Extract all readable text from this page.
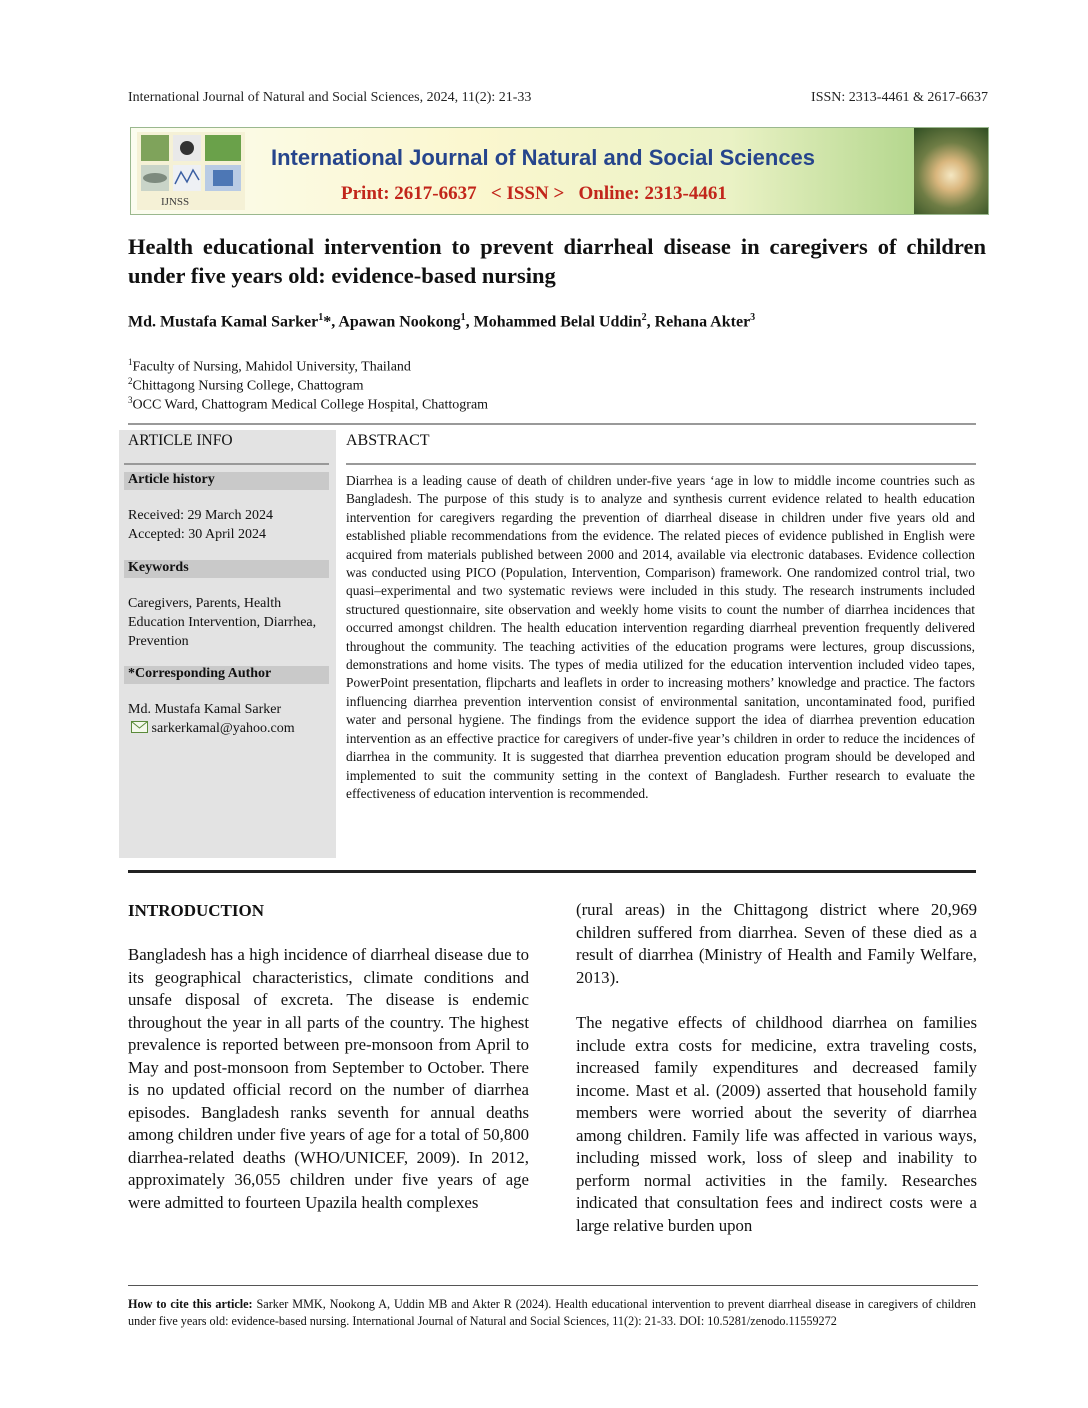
International Journal of Natural and Social Sciences, 2024, 11(2): 21-33	ISSN: 2313-4461 & 2617-6637
IJNSS
International Journal of Natural and Social Sciences
Print: 2617-6637   < ISSN >   Online: 2313-4461
Health educational intervention to prevent diarrheal disease in caregivers of children under five years old: evidence-based nursing
Md. Mustafa Kamal Sarker$^1$*, Apawan Nookong$^1$, Mohammed Belal Uddin$^2$, Rehana Akter$^3$
$^1$Faculty of Nursing, Mahidol University, Thailand
$^2$Chittagong Nursing College, Chattogram
$^3$OCC Ward, Chattogram Medical College Hospital, Chattogram
ARTICLE INFO
Article history
Received: 29 March 2024
Accepted: 30 April 2024
Keywords
Caregivers, Parents, Health Education Intervention, Diarrhea, Prevention
*Corresponding Author
Md. Mustafa Kamal Sarker
sarkerkamal@yahoo.com
ABSTRACT
Diarrhea is a leading cause of death of children under-five years ‘age in low to middle income countries such as Bangladesh. The purpose of this study is to analyze and synthesis current evidence related to health education intervention for caregivers regarding the prevention of diarrheal disease in children under five years old and established pliable recommendations from the evidence. The related pieces of evidence published in English were acquired from materials published between 2000 and 2014, available via electronic databases. Evidence collection was conducted using PICO (Population, Intervention, Comparison) framework. One randomized control trial, two quasi–experimental and two systematic reviews were included in this study. The research instruments included structured questionnaire, site observation and weekly home visits to count the number of diarrhea incidences that occurred amongst children. The health education intervention regarding diarrheal prevention frequently delivered throughout the community. The teaching activities of the education programs were lectures, group discussions, demonstrations and home visits. The types of media utilized for the education intervention included video tapes, PowerPoint presentation, flipcharts and leaflets in order to increasing mothers’ knowledge and practice. The factors influencing diarrhea prevention intervention consist of environmental sanitation, uncontaminated food, purified water and personal hygiene. The findings from the evidence support the idea of diarrhea prevention education intervention as an effective practice for caregivers of under-five year’s children in order to reduce the incidences of diarrhea in the community. It is suggested that diarrhea prevention education program should be developed and implemented to suit the community setting in the context of Bangladesh. Further research to evaluate the effectiveness of education intervention is recommended.
INTRODUCTION
Bangladesh has a high incidence of diarrheal disease due to its geographical characteristics, climate conditions and unsafe disposal of excreta. The disease is endemic throughout the year in all parts of the country. The highest prevalence is reported between pre-monsoon from April to May and post-monsoon from September to October. There is no updated official record on the number of diarrhea episodes. Bangladesh ranks seventh for annual deaths among children under five years of age for a total of 50,800 diarrhea-related deaths (WHO/UNICEF, 2009). In 2012, approximately 36,055 children under five years of age were admitted to fourteen Upazila health complexes
(rural areas) in the Chittagong district where 20,969 children suffered from diarrhea. Seven of these died as a result of diarrhea (Ministry of Health and Family Welfare, 2013).
The negative effects of childhood diarrhea on families include extra costs for medicine, extra traveling costs, increased family expenditures and decreased family income. Mast et al. (2009) asserted that household family members were worried about the severity of diarrhea among children. Family life was affected in various ways, including missed work, loss of sleep and inability to perform normal activities in the family. Researches indicated that consultation fees and indirect costs were a large relative burden upon
How to cite this article: Sarker MMK, Nookong A, Uddin MB and Akter R (2024). Health educational intervention to prevent diarrheal disease in caregivers of children under five years old: evidence-based nursing. International Journal of Natural and Social Sciences, 11(2): 21-33. DOI: 10.5281/zenodo.11559272
